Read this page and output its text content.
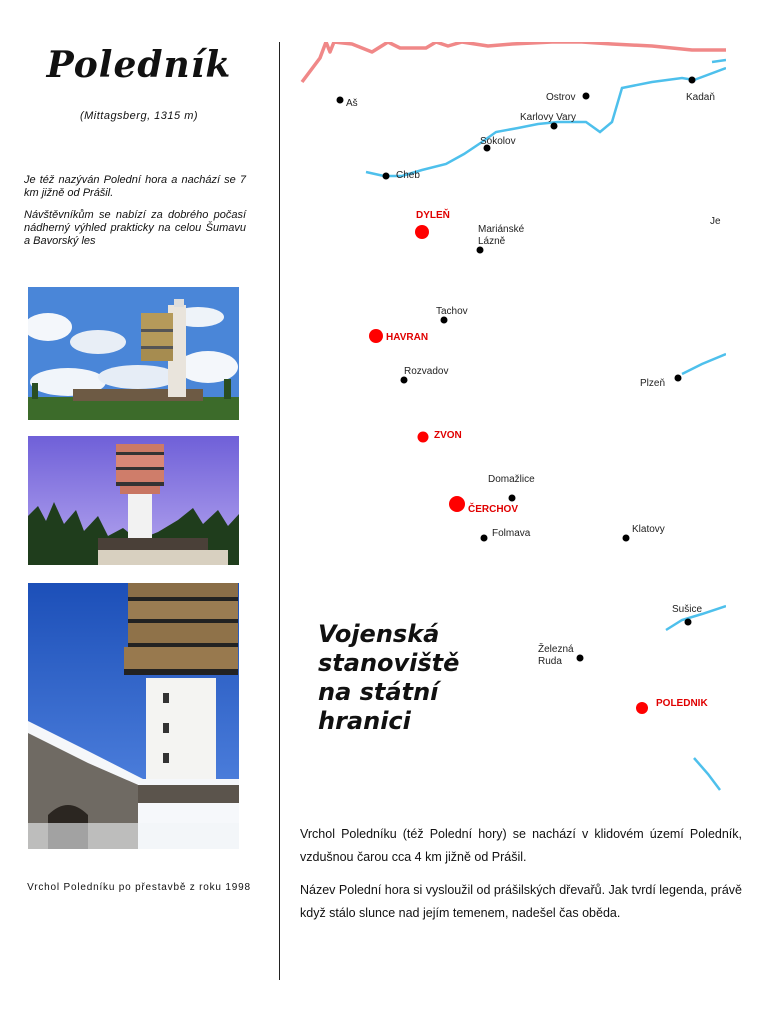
Poledník
(Mittagsberg, 1315 m)

Je též nazýván Polední hora a nachází se 7 km jižně od Prášil.

Návštěvníkům se nabízí za dobrého počasí nádherný výhled prakticky na celou Šumavu a Bavorský les

Vrchol Poledníku po přestavbě z roku 1998
Aš
Ostrov	Kadaň
Karlovy Vary
Sokolov
Cheb
Mariánské
Lázně
Tachov
Rozvadov
Plzeň
Domažlice
Folmava	Klatovy
Sušice
Železná
Ruda
Je
DYLEŇ
HAVRAN
ZVON
ČERCHOV
POLEDNIK
Vojenská
stanoviště
na státní
hranici

Vrchol Poledníku (též Polední hory) se nachází v klidovém území Poledník, vzdušnou čarou cca 4 km jižně od Prášil.

Název Polední hora si vysloužil od prášilských dřevařů. Jak tvrdí legenda, právě když stálo slunce nad jejím temenem, nadešel čas oběda.
